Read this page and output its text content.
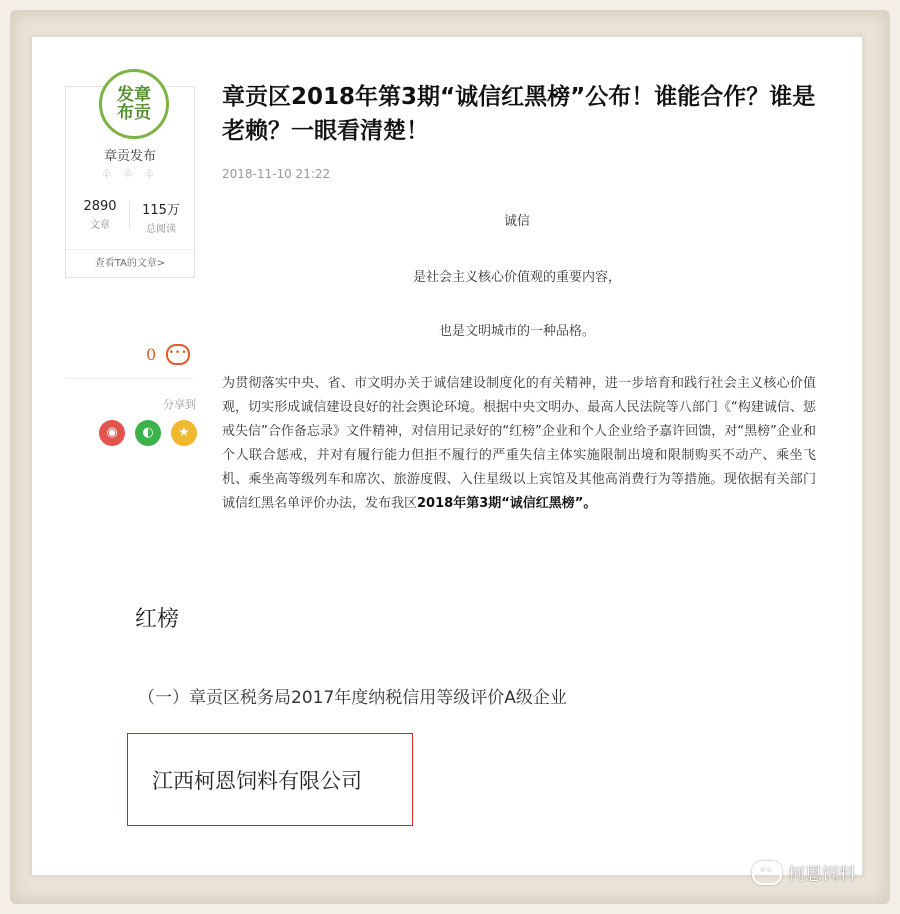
发章布贡
章贡发布
♧ ♧ ♧
2890
文章
115万
总阅读
查看TA的文章>
0 •••
分享到
◉	◐	★
章贡区2018年第3期“诚信红黑榜”公布！谁能合作？谁是老赖？一眼看清楚！
2018-11-10 21:22
诚信
是社会主义核心价值观的重要内容，
也是文明城市的一种品格。
为贯彻落实中央、省、市文明办关于诚信建设制度化的有关精神，进一步培育和践行社会主义核心价值观，切实形成诚信建设良好的社会舆论环境。根据中央文明办、最高人民法院等八部门《“构建诚信、惩戒失信”合作备忘录》文件精神，对信用记录好的“红榜”企业和个人企业给予嘉许回馈，对“黑榜”企业和个人联合惩戒，并对有履行能力但拒不履行的严重失信主体实施限制出境和限制购买不动产、乘坐飞机、乘坐高等级列车和席次、旅游度假、入住星级以上宾馆及其他高消费行为等措施。现依据有关部门诚信红黑名单评价办法，发布我区2018年第3期“诚信红黑榜”。
红榜
（一）章贡区税务局2017年度纳税信用等级评价A级企业
江西柯恩饲料有限公司
•• 柯恩饲料
